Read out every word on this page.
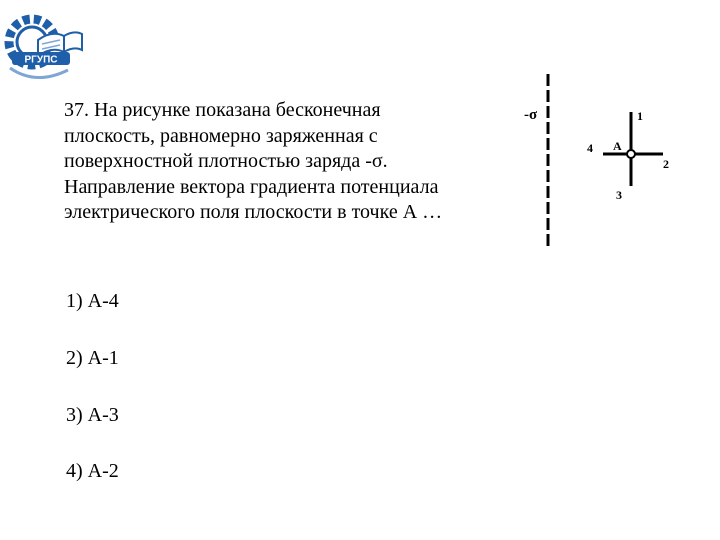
РГУПС
37. На рисунке показана бесконечная
плоскость, равномерно заряженная с
поверхностной плотностью заряда -σ.
Направление вектора градиента потенциала
электрического поля плоскости в точке А …
1) А-4
2) А-1
3) А-3
4) А-2
-σ
А
1
2
3
4
